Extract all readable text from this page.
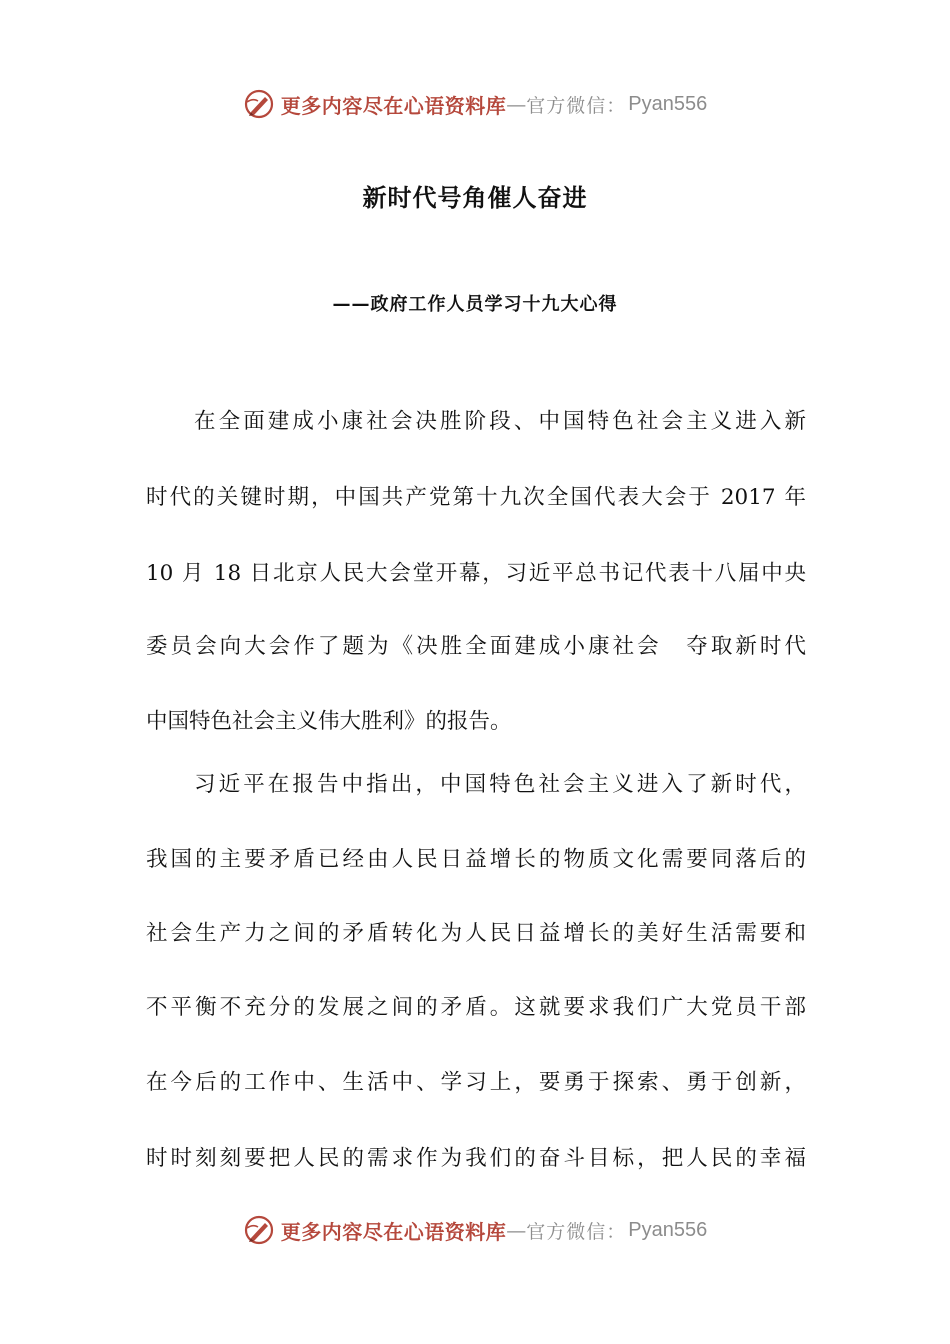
更多内容尽在心语资料库 — 官方微信： Pyan556
新时代号角催人奋进
——政府工作人员学习十九大心得

在全面建成小康社会决胜阶段、中国特色社会主义进入新

时代的关键时期，中国共产党第十九次全国代表大会于 2017 年

10 月 18 日北京人民大会堂开幕，习近平总书记代表十八届中央

委员会向大会作了题为《决胜全面建成小康社会　夺取新时代

中国特色社会主义伟大胜利》的报告。

习近平在报告中指出，中国特色社会主义进入了新时代，

我国的主要矛盾已经由人民日益增长的物质文化需要同落后的

社会生产力之间的矛盾转化为人民日益增长的美好生活需要和

不平衡不充分的发展之间的矛盾。这就要求我们广大党员干部

在今后的工作中、生活中、学习上，要勇于探索、勇于创新，

时时刻刻要把人民的需求作为我们的奋斗目标，把人民的幸福

更多内容尽在心语资料库 — 官方微信： Pyan556
